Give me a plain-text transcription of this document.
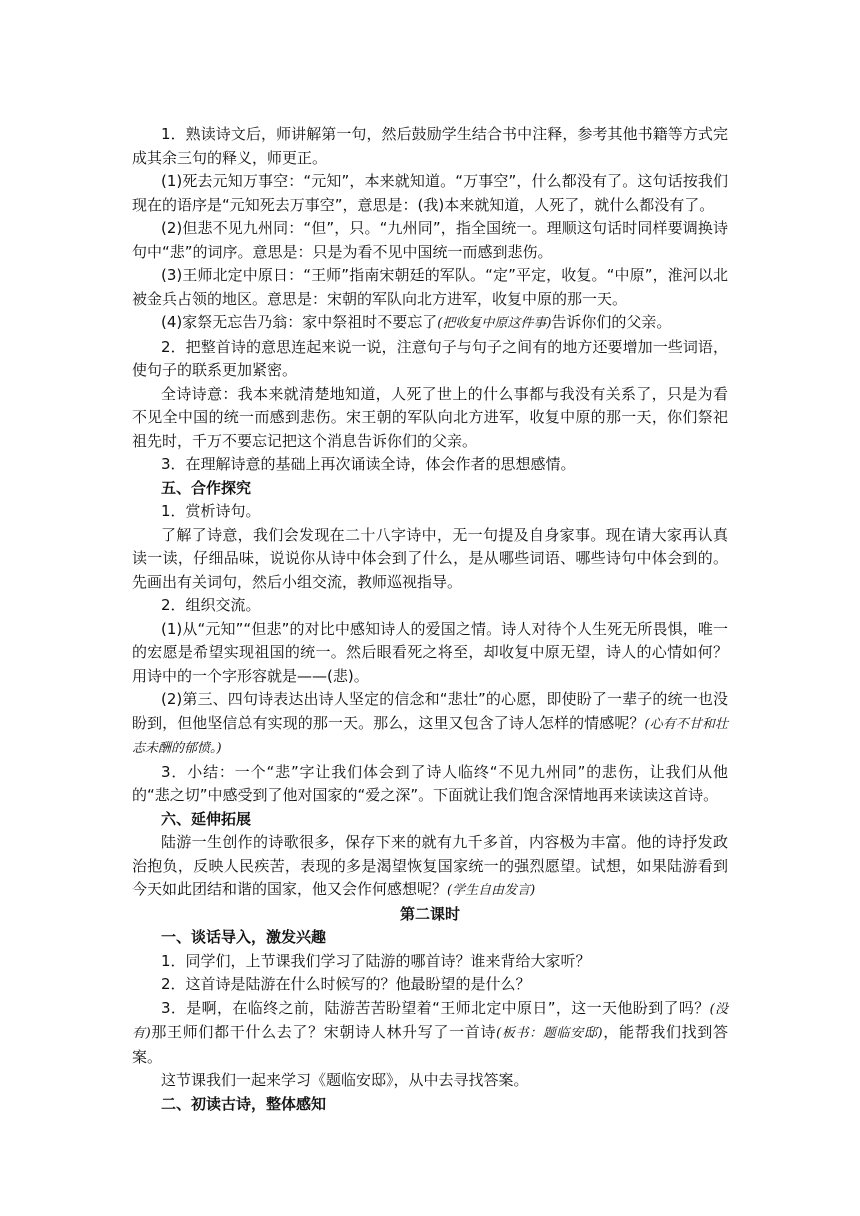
1．熟读诗文后，师讲解第一句，然后鼓励学生结合书中注释，参考其他书籍等方式完成其余三句的释义，师更正。

(1)死去元知万事空：“元知”，本来就知道。“万事空”，什么都没有了。这句话按我们现在的语序是“元知死去万事空”，意思是：(我)本来就知道，人死了，就什么都没有了。

(2)但悲不见九州同：“但”，只。“九州同”，指全国统一。理顺这句话时同样要调换诗句中“悲”的词序。意思是：只是为看不见中国统一而感到悲伤。

(3)王师北定中原日：“王师”指南宋朝廷的军队。“定”平定，收复。“中原”，淮河以北被金兵占领的地区。意思是：宋朝的军队向北方进军，收复中原的那一天。

(4)家祭无忘告乃翁：家中祭祖时不要忘了(把收复中原这件事)告诉你们的父亲。

2．把整首诗的意思连起来说一说，注意句子与句子之间有的地方还要增加一些词语，使句子的联系更加紧密。

全诗诗意：我本来就清楚地知道，人死了世上的什么事都与我没有关系了，只是为看不见全中国的统一而感到悲伤。宋王朝的军队向北方进军，收复中原的那一天，你们祭祀祖先时，千万不要忘记把这个消息告诉你们的父亲。

3．在理解诗意的基础上再次诵读全诗，体会作者的思想感情。

五、合作探究

1．赏析诗句。

了解了诗意，我们会发现在二十八字诗中，无一句提及自身家事。现在请大家再认真读一读，仔细品味，说说你从诗中体会到了什么，是从哪些词语、哪些诗句中体会到的。先画出有关词句，然后小组交流，教师巡视指导。

2．组织交流。

(1)从“元知”“但悲”的对比中感知诗人的爱国之情。诗人对待个人生死无所畏惧，唯一的宏愿是希望实现祖国的统一。然后眼看死之将至，却收复中原无望，诗人的心情如何？用诗中的一个字形容就是——(悲)。

(2)第三、四句诗表达出诗人坚定的信念和“悲壮”的心愿，即使盼了一辈子的统一也没盼到，但他坚信总有实现的那一天。那么，这里又包含了诗人怎样的情感呢？(心有不甘和壮志未酬的郁愤。)

3．小结：一个“悲”字让我们体会到了诗人临终“不见九州同”的悲伤，让我们从他的“悲之切”中感受到了他对国家的“爱之深”。下面就让我们饱含深情地再来读读这首诗。

六、延伸拓展

陆游一生创作的诗歌很多，保存下来的就有九千多首，内容极为丰富。他的诗抒发政治抱负，反映人民疾苦，表现的多是渴望恢复国家统一的强烈愿望。试想，如果陆游看到今天如此团结和谐的国家，他又会作何感想呢？(学生自由发言)

第二课时

一、谈话导入，激发兴趣

1．同学们，上节课我们学习了陆游的哪首诗？谁来背给大家听？

2．这首诗是陆游在什么时候写的？他最盼望的是什么？

3．是啊，在临终之前，陆游苦苦盼望着“王师北定中原日”，这一天他盼到了吗？(没有)那王师们都干什么去了？宋朝诗人林升写了一首诗(板书：题临安邸)，能帮我们找到答案。

这节课我们一起来学习《题临安邸》，从中去寻找答案。

二、初读古诗，整体感知
